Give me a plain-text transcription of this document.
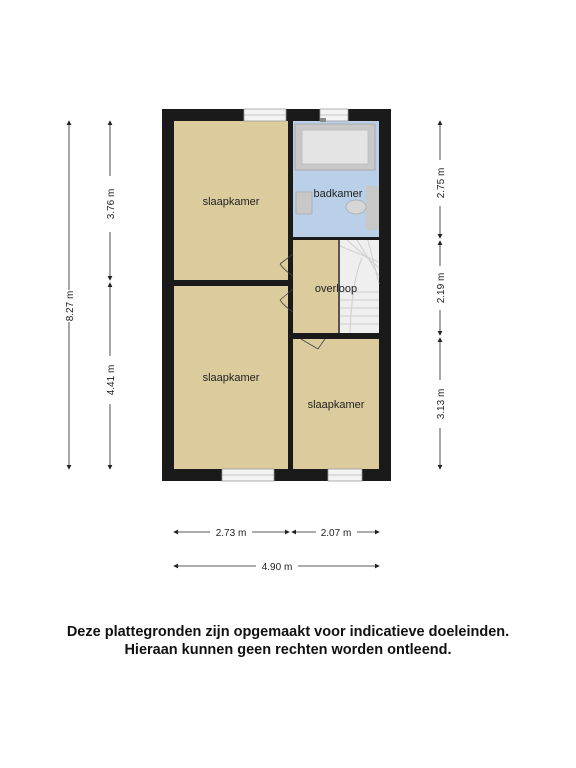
slaapkamer
badkamer
overloop
slaapkamer
slaapkamer
8.27 m
3.76 m
4.41 m
2.75 m
2.19 m
3.13 m
2.73 m	2.07 m
4.90 m
Deze plattegronden zijn opgemaakt voor indicatieve doeleinden.
Hieraan kunnen geen rechten worden ontleend.
